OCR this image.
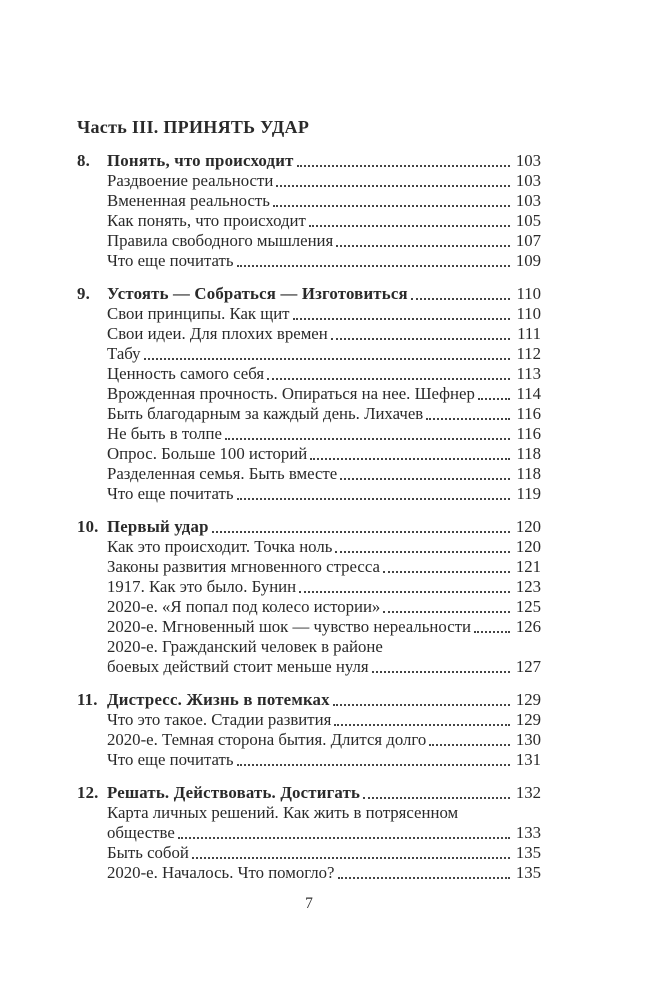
Часть III. ПРИНЯТЬ УДАР
8.	Понять, что происходит	103
Раздвоение реальности	103
Вмененная реальность	103
Как понять, что происходит	105
Правила свободного мышления	107
Что еще почитать	109
9.	Устоять — Собраться — Изготовиться	110
Свои принципы. Как щит	110
Свои идеи. Для плохих времен	111
Табу	112
Ценность самого себя	113
Врожденная прочность. Опираться на нее. Шефнер 114
Быть благодарным за каждый день. Лихачев	116
Не быть в толпе	116
Опрос. Больше 100 историй	118
Разделенная семья. Быть вместе	118
Что еще почитать	119
10. Первый удар	120
Как это происходит. Точка ноль	120
Законы развития мгновенного стресса	121
1917. Как это было. Бунин	123
2020-е. «Я попал под колесо истории»	125
2020-е. Мгновенный шок — чувство нереальности	126
2020-е. Гражданский человек в районе
боевых действий стоит меньше нуля	127
11. Дистресс. Жизнь в потемках	129
Что это такое. Стадии развития	129
2020-е. Темная сторона бытия. Длится долго	130
Что еще почитать	131
12. Решать. Действовать. Достигать	132
Карта личных решений. Как жить в потрясенном
обществе	133
Быть собой	135
2020-е. Началось. Что помогло?	135
7
